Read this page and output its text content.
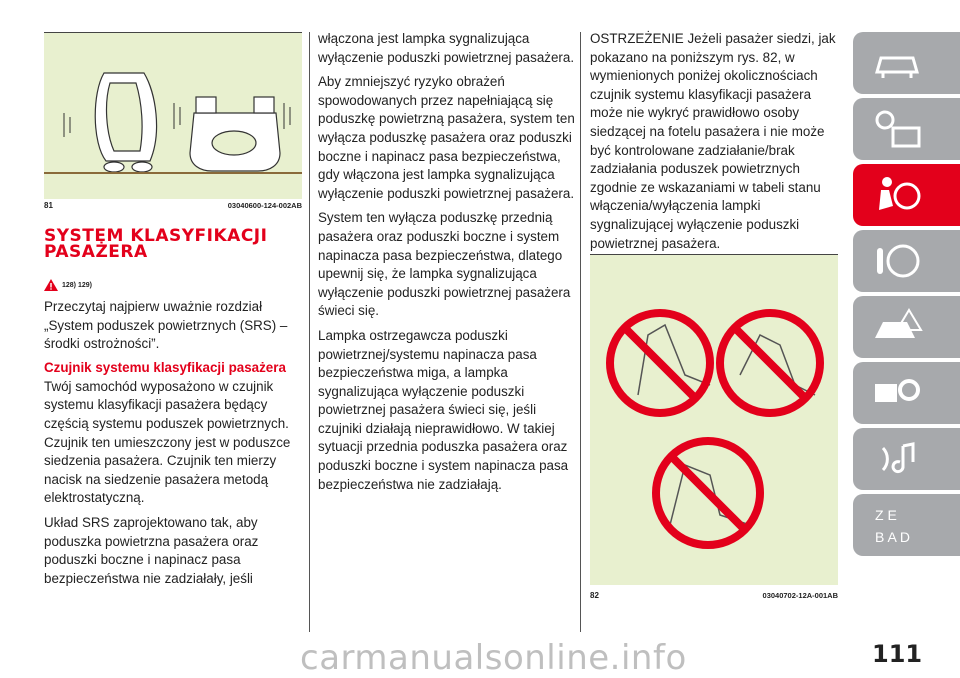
81	03040600-124-002AB
SYSTEM KLASYFIKACJI
PASAŻERA
128) 129)

Przeczytaj najpierw uważnie rozdział „System poduszek powietrznych (SRS) – środki ostrożności”.

Czujnik systemu klasyfikacji pasażera

Twój samochód wyposażono w czujnik systemu klasyfikacji pasażera będący częścią systemu poduszek powietrznych. Czujnik ten umieszczony jest w poduszce siedzenia pasażera. Czujnik ten mierzy nacisk na siedzenie pasażera metodą elektrostatyczną.

Układ SRS zaprojektowano tak, aby poduszka powietrzna pasażera oraz poduszki boczne i napinacz pasa bezpieczeństwa nie zadziałały, jeśli

włączona jest lampka sygnalizująca wyłączenie poduszki powietrznej pasażera.

Aby zmniejszyć ryzyko obrażeń spowodowanych przez napełniającą się poduszkę powietrzną pasażera, system ten wyłącza poduszkę pasażera oraz poduszki boczne i napinacz pasa bezpieczeństwa, gdy włączona jest lampka sygnalizująca wyłączenie poduszki powietrznej pasażera.

System ten wyłącza poduszkę przednią pasażera oraz poduszki boczne i system napinacza pasa bezpieczeństwa, dlatego upewnij się, że lampka sygnalizująca wyłączenie poduszki powietrznej pasażera świeci się.

Lampka ostrzegawcza poduszki powietrznej/systemu napinacza pasa bezpieczeństwa miga, a lampka sygnalizująca wyłączenie poduszki powietrznej pasażera świeci się, jeśli czujniki działają nieprawidłowo. W takiej sytuacji przednia poduszka pasażera oraz poduszki boczne i system napinacza pasa bezpieczeństwa nie zadziałają.

OSTRZEŻENIE Jeżeli pasażer siedzi, jak pokazano na poniższym rys. 82, w wymienionych poniżej okolicznościach czujnik systemu klasyfikacji pasażera może nie wykryć prawidłowo osoby siedzącej na fotelu pasażera i nie może być kontrolowane zadziałanie/brak zadziałania poduszek powietrznych zgodnie ze wskazaniami w tabeli stanu włączenia/wyłączenia lampki sygnalizującej wyłączenie poduszki powietrznej pasażera.

82	03040702-12A-001AB
Z E
B A D
111
carmanualsonline.info
